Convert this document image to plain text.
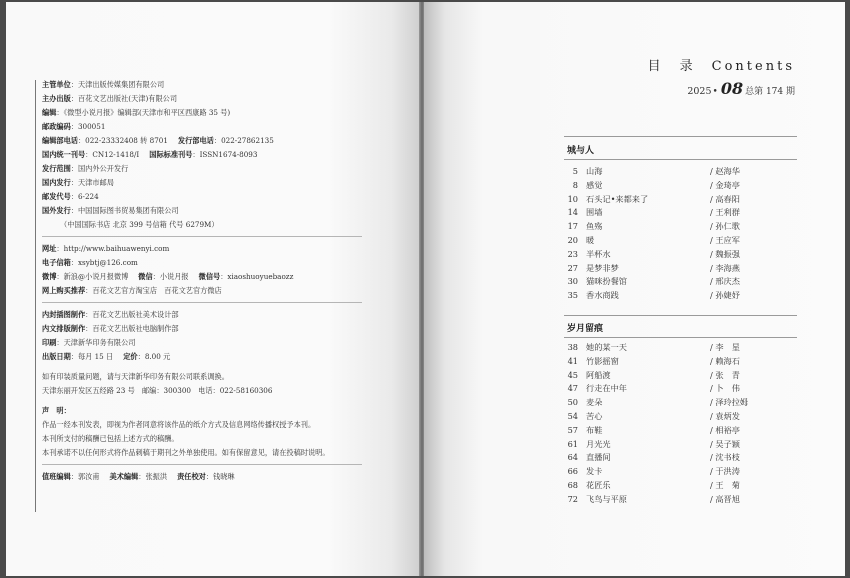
主管单位：天津出版传媒集团有限公司
主办出版：百花文艺出版社(天津)有限公司
编辑：《微型小说月报》编辑部(天津市和平区西康路 35 号)
邮政编码：300051
编辑部电话：022-23332408 转 8701 发行部电话：022-27862135
国内统一刊号：CN12-1418/I 国际标准刊号：ISSN1674-8093
发行范围：国内外公开发行
国内发行：天津市邮局
邮发代号：6-224
国外发行：中国国际图书贸易集团有限公司
（中国国际书店 北京 399 号信箱 代号 6279M）
网址：http://www.baihuawenyi.com
电子信箱：xsybtj@126.com
微博：新浪@小说月报微博 微信：小说月报 微信号：xiaoshuoyuebaozz
网上购买推荐：百花文艺官方淘宝店　百花文艺官方微店
内封插图制作：百花文艺出版社美术设计部
内文排版制作：百花文艺出版社电脑制作部
印刷：天津新华印务有限公司
出版日期：每月 15 日 定价：8.00 元
如有印装质量问题，请与天津新华印务有限公司联系调换。
天津东丽开发区五经路 23 号　邮编：300300　电话：022-58160306
声　明：
作品一经本刊发表，即视为作者同意将该作品的纸介方式及信息网络传播权授予本刊。
本刊所支付的稿酬已包括上述方式的稿酬。
本刊承诺不以任何形式将作品刺稿于期刊之外单独使用。如有保留意见，请在投稿时说明。
值班编辑：郭汝甫 美术编辑：张振洪 责任校对：钱晓琳
目　录　Contents
2025• 08 总第 174 期
城与人
5 山海	/ 赵海华
8 感觉	/ 金琦亭
10 石头记•来都来了	/ 高春阳
14 围墙	/ 王利群
17 鱼殇	/ 孙仁歌
20 暖	/ 王应军
23 半杯水	/ 魏振强
27 是梦非梦	/ 李海燕
30 猫咪扮餐馆	/ 邢庆杰
35 香水商践	/ 孙婕妤
岁月留痕
38 她的某一天	/ 李　星
41 竹影摇窗	/ 赖海石
45 阿船渡	/ 张　青
47 行走在中年	/ 卜　伟
50 麦朵	/ 泽玲拉姆
54 苦心	/ 袁炳发
57 布鞋	/ 相裕亭
61 月光光	/ 吴子颖
64 直播间	/ 沈书枝
66 发卡	/ 于洪涛
68 花匠乐	/ 王　菊
72 飞鸟与平原	/ 高晋旭
